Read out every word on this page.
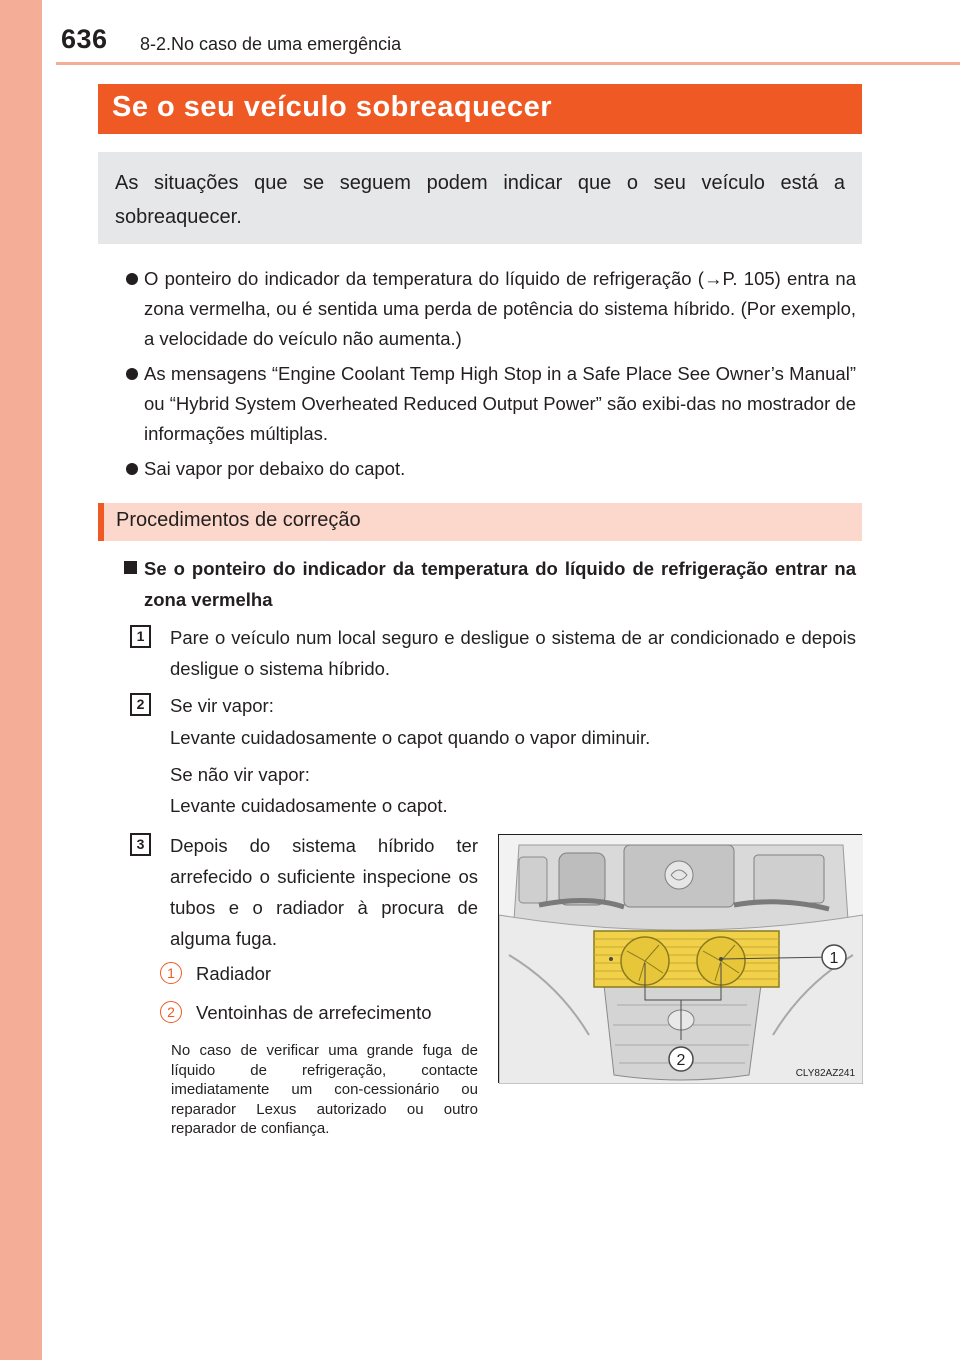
636 8-2.No caso de uma emergência
Se o seu veículo sobreaquecer
As situações que se seguem podem indicar que o seu veículo está a sobreaquecer.
O ponteiro do indicador da temperatura do líquido de refrigeração (→P. 105) entra na zona vermelha, ou é sentida uma perda de potência do sistema híbrido. (Por exemplo, a velocidade do veículo não aumenta.)
As mensagens “Engine Coolant Temp High Stop in a Safe Place See Owner’s Manual” ou “Hybrid System Overheated Reduced Output Power” são exibi-das no mostrador de informações múltiplas.
Sai vapor por debaixo do capot.
Procedimentos de correção
Se o ponteiro do indicador da temperatura do líquido de refrigeração entrar na zona vermelha
1	Pare o veículo num local seguro e desligue o sistema de ar condicionado e depois desligue o sistema híbrido.
2	Se vir vapor:
Levante cuidadosamente o capot quando o vapor diminuir.
Se não vir vapor:
Levante cuidadosamente o capot.
3	Depois do sistema híbrido ter arrefecido o suficiente inspecione os tubos e o radiador à procura de alguma fuga.
1	Radiador
2	Ventoinhas de arrefecimento
No caso de verificar uma grande fuga de líquido de refrigeração, contacte imediatamente um con-cessionário ou reparador Lexus autorizado ou outro reparador de confiança.
1
2
CLY82AZ241
